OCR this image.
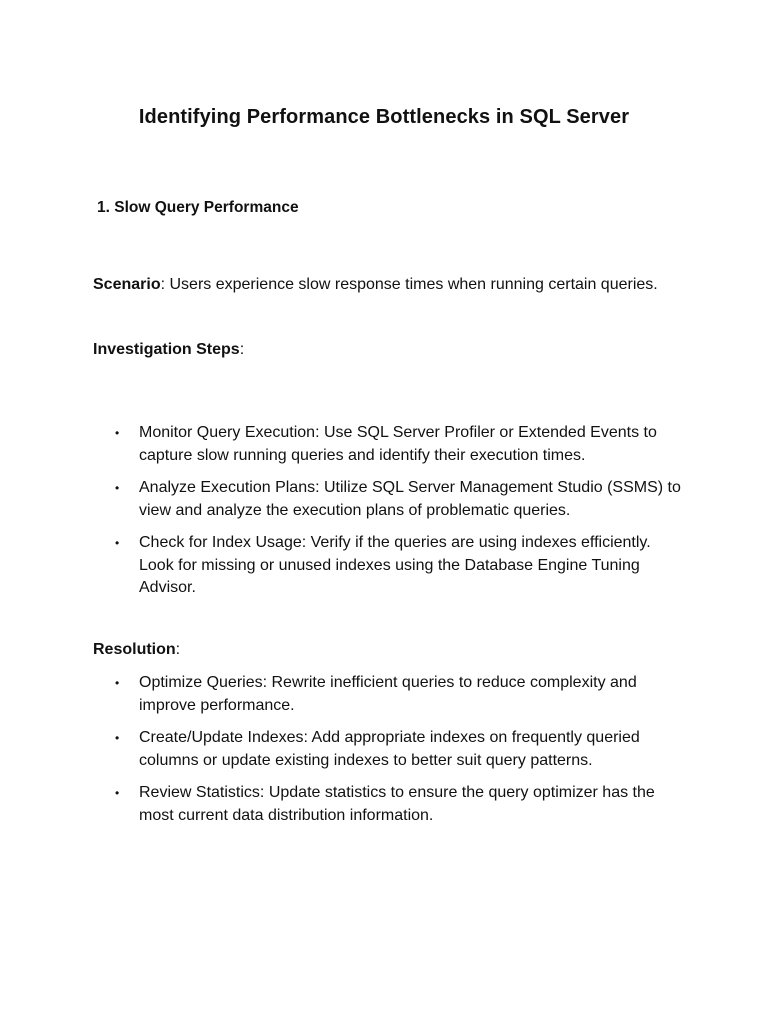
Identifying Performance Bottlenecks in SQL Server
1. Slow Query Performance

Scenario: Users experience slow response times when running certain queries.

Investigation Steps:

• Monitor Query Execution: Use SQL Server Profiler or Extended Events to capture slow running queries and identify their execution times.
• Analyze Execution Plans: Utilize SQL Server Management Studio (SSMS) to view and analyze the execution plans of problematic queries.
• Check for Index Usage: Verify if the queries are using indexes efficiently. Look for missing or unused indexes using the Database Engine Tuning Advisor.

Resolution:

• Optimize Queries: Rewrite inefficient queries to reduce complexity and improve performance.
• Create/Update Indexes: Add appropriate indexes on frequently queried columns or update existing indexes to better suit query patterns.
• Review Statistics: Update statistics to ensure the query optimizer has the most current data distribution information.
